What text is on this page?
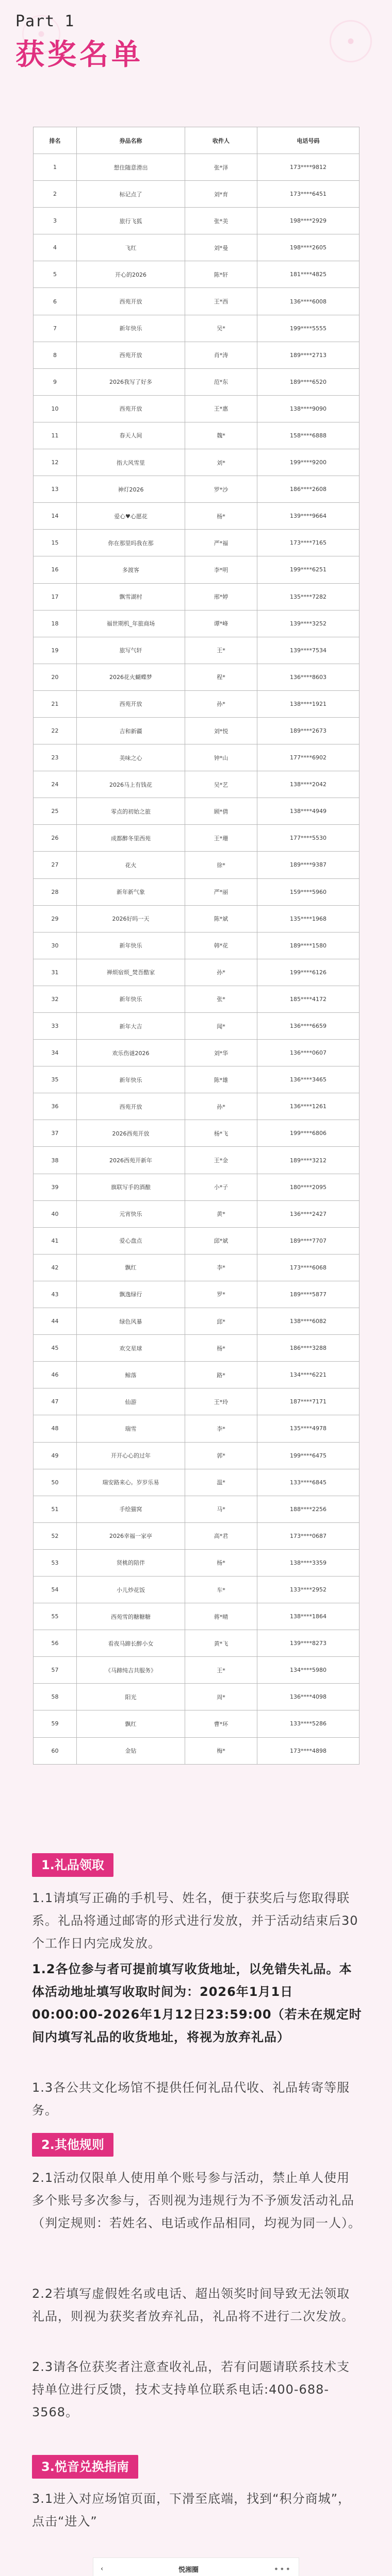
Part 1
获奖名单
排名	券品名称	收件人	电话号码
1	想住随意滑出	张*泽	173****9812
2	标记点了	刘*育	173****6451
3	旅行飞狐	张*美	198****2929
4	飞红	刘*曼	198****2605
5	开心的2026	陈*轩	181****4825
6	西苑开放	王*西	136****6008
7	新年快乐	吴*	199****5555
8	西苑开放	肖*涛	189****2713
9	2026我写了好多	范*东	189****6520
10	西苑开放	王*惠	138****9090
11	春天人间	魏*	158****6888
12	指大风雪里	刘*	199****9200
13	神灯2026	罗*沙	186****2608
14	爱心♥心愿花	杨*	139****9664
15	你在那里吗我在那	严*福	173****7165
16	多渡客	李*明	199****6251
17	飘雪湖村	邢*婷	135****7282
18	福世期机_年旅商场	谭*峰	139****3252
19	旅写气轩	王*	139****7534
20	2026花火蝴蝶梦	程*	136****8603
21	西苑开放	孙*	138****1921
22	吉和新疆	刘*悦	189****2673
23	美味之心	钟*山	177****6902
24	2026马上有钱花	吴*艺	138****2042
25	零点的初始之旅	顾*倩	138****4949
26	成都醉冬里西苑	王*珊	177****5530
27	花火	徐*	189****9387
28	新年新气象	严*丽	159****5960
29	2026好吗一天	陈*斌	135****1968
30	新年快乐	韩*花	189****1580
31	禅烦宿烦_焚吾酷家	孙*	199****6126
32	新年快乐	张*	185****4172
33	新年大吉	闻*	136****6659
34	欢乐伤谜2026	刘*华	136****0607
35	新年快乐	陈*雄	136****3465
36	西苑开放	孙*	136****1261
37	2026西苑开放	杨*飞	199****6806
38	2026西苑开新年	王*金	189****3212
39	旗联写手的酒酿	小*子	180****2095
40	元宵快乐	黄*	136****2427
41	爱心盘点	邱*斌	189****7707
42	飘红	李*	173****6068
43	飘逸绿行	罗*	189****5877
44	绿色风暴	邱*	138****6082
45	欢交星球	杨*	186****3288
46	鲸落	路*	134****6221
47	仙游	王*玲	187****7171
48	瑞雪	李*	135****4978
49	开开心心的过年	郭*	199****6475
50	瑞安路来心。岁岁乐易	温*	133****6845
51	手绘猫窝	马*	188****2256
52	2026幸福一家亭	高*君	173****0687
53	贤桃的陪伴	杨*	138****3359
54	小儿炒花饭	车*	133****2952
55	西苑雪的糖糖糖	蒋*晴	138****1864
56	看夜马蹄长醉小女	黄*飞	139****8273
57	《马蹄纯吉共服务》	王*	134****5980
58	阳光	周*	136****4098
59	飘红	曹*环	133****5286
60	金钻	梅*	173****4898
1.礼品领取
1.1请填写正确的手机号、姓名，便于获奖后与您取得联系。礼品将通过邮寄的形式进行发放，并于活动结束后30个工作日内完成发放。
1.2各位参与者可提前填写收货地址，以免错失礼品。本体活动地址填写收取时间为：2026年1月1日00:00:00-2026年1月12日23:59:00（若未在规定时间内填写礼品的收货地址，将视为放弃礼品）
1.3各公共文化场馆不提供任何礼品代收、礼品转寄等服务。
2.其他规则
2.1活动仅限单人使用单个账号参与活动，禁止单人使用多个账号多次参与，否则视为违规行为不予颁发活动礼品（判定规则：若姓名、电话或作品相同，均视为同一人）。
2.2若填写虚假姓名或电话、超出领奖时间导致无法领取礼品，则视为获奖者放弃礼品，礼品将不进行二次发放。
2.3请各位获奖者注意查收礼品，若有问题请联系技术支持单位进行反馈，技术支持单位联系电话:400-688-3568。
3.悦音兑换指南
3.1进入对应场馆页面，下滑至底端，找到“积分商城”，点击“进入”
‹	悦湘圈	•••
